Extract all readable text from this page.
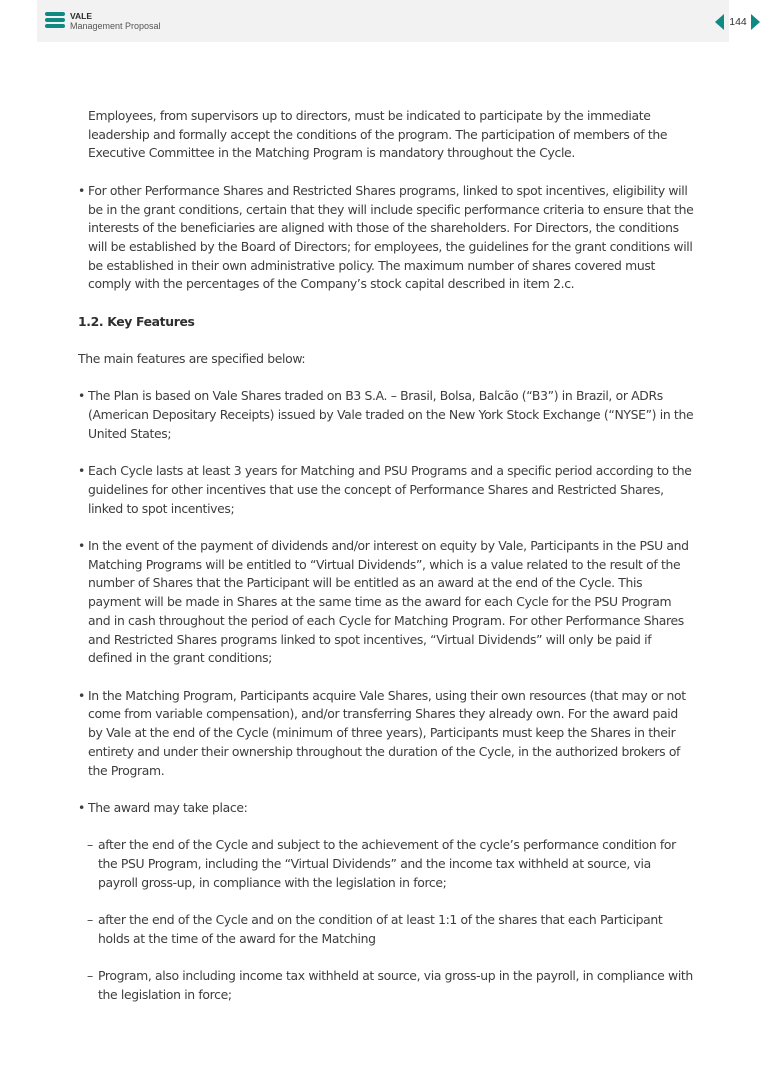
VALE
Management Proposal	144

Employees, from supervisors up to directors, must be indicated to participate by the immediate leadership and formally accept the conditions of the program. The participation of members of the Executive Committee in the Matching Program is mandatory throughout the Cycle.

• For other Performance Shares and Restricted Shares programs, linked to spot incentives, eligibility will be in the grant conditions, certain that they will include specific performance criteria to ensure that the interests of the beneficiaries are aligned with those of the shareholders. For Directors, the conditions will be established by the Board of Directors; for employees, the guidelines for the grant conditions will be established in their own administrative policy. The maximum number of shares covered must comply with the percentages of the Company’s stock capital described in item 2.c.

1.2. Key Features

The main features are specified below:

• The Plan is based on Vale Shares traded on B3 S.A. – Brasil, Bolsa, Balcão (“B3”) in Brazil, or ADRs (American Depositary Receipts) issued by Vale traded on the New York Stock Exchange (“NYSE”) in the United States;

• Each Cycle lasts at least 3 years for Matching and PSU Programs and a specific period according to the guidelines for other incentives that use the concept of Performance Shares and Restricted Shares, linked to spot incentives;

• In the event of the payment of dividends and/or interest on equity by Vale, Participants in the PSU and Matching Programs will be entitled to “Virtual Dividends”, which is a value related to the result of the number of Shares that the Participant will be entitled as an award at the end of the Cycle. This payment will be made in Shares at the same time as the award for each Cycle for the PSU Program and in cash throughout the period of each Cycle for Matching Program. For other Performance Shares and Restricted Shares programs linked to spot incentives, “Virtual Dividends” will only be paid if defined in the grant conditions;

• In the Matching Program, Participants acquire Vale Shares, using their own resources (that may or not come from variable compensation), and/or transferring Shares they already own. For the award paid by Vale at the end of the Cycle (minimum of three years), Participants must keep the Shares in their entirety and under their ownership throughout the duration of the Cycle, in the authorized brokers of the Program.

• The award may take place:

– after the end of the Cycle and subject to the achievement of the cycle’s performance condition for the PSU Program, including the “Virtual Dividends” and the income tax withheld at source, via payroll gross-up, in compliance with the legislation in force;

– after the end of the Cycle and on the condition of at least 1:1 of the shares that each Participant holds at the time of the award for the Matching

– Program, also including income tax withheld at source, via gross-up in the payroll, in compliance with the legislation in force;
